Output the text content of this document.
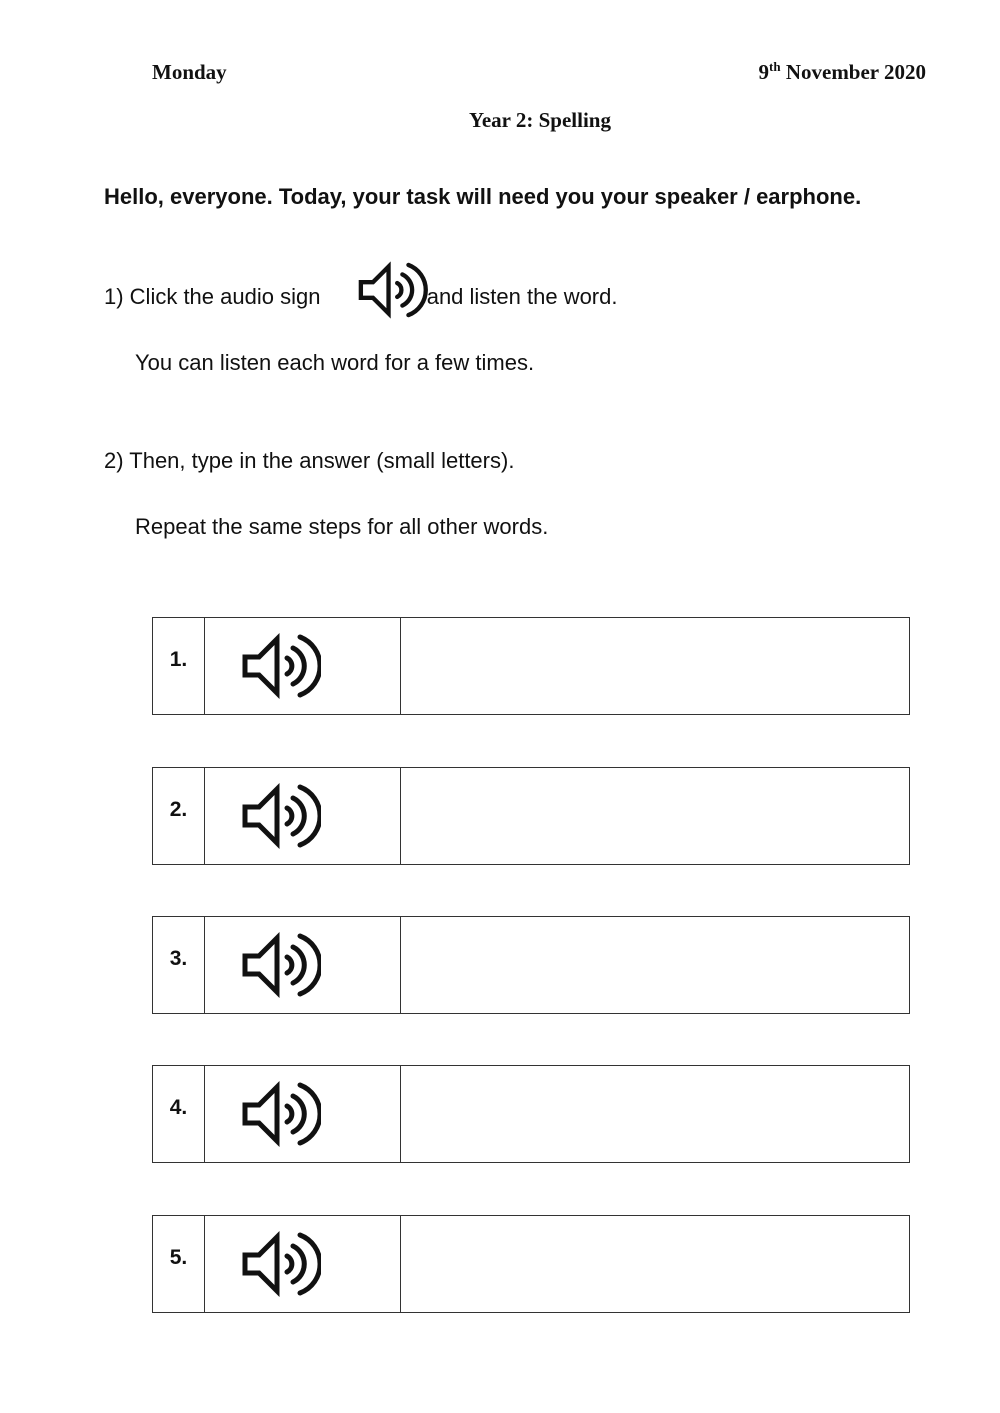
Monday	9th November 2020
Year 2: Spelling
Hello, everyone. Today, your task will need you your speaker / earphone.
1) Click the audio sign	and listen the word.
You can listen each word for a few times.
2) Then, type in the answer (small letters).
Repeat the same steps for all other words.
1.
2.
3.
4.
5.
